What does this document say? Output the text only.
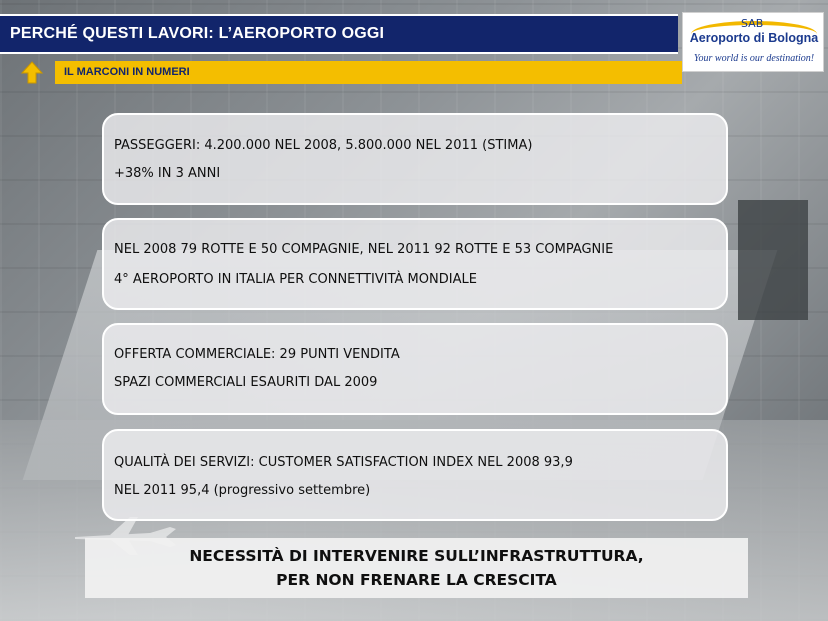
PERCHÉ QUESTI LAVORI: L’AEROPORTO OGGI
SAB
Aeroporto di Bologna
Your world is our destination!
IL MARCONI IN NUMERI
PASSEGGERI: 4.200.000 NEL 2008, 5.800.000 NEL 2011 (STIMA)
+38% IN 3 ANNI
NEL 2008 79 ROTTE E 50 COMPAGNIE, NEL 2011 92 ROTTE E 53 COMPAGNIE
4° AEROPORTO IN ITALIA PER CONNETTIVITÀ MONDIALE
OFFERTA COMMERCIALE: 29 PUNTI VENDITA
SPAZI COMMERCIALI ESAURITI DAL 2009
QUALITÀ DEI SERVIZI: CUSTOMER SATISFACTION INDEX NEL 2008 93,9
NEL 2011 95,4 (progressivo settembre)
NECESSITÀ DI INTERVENIRE SULL’INFRASTRUTTURA,
PER NON FRENARE LA CRESCITA
